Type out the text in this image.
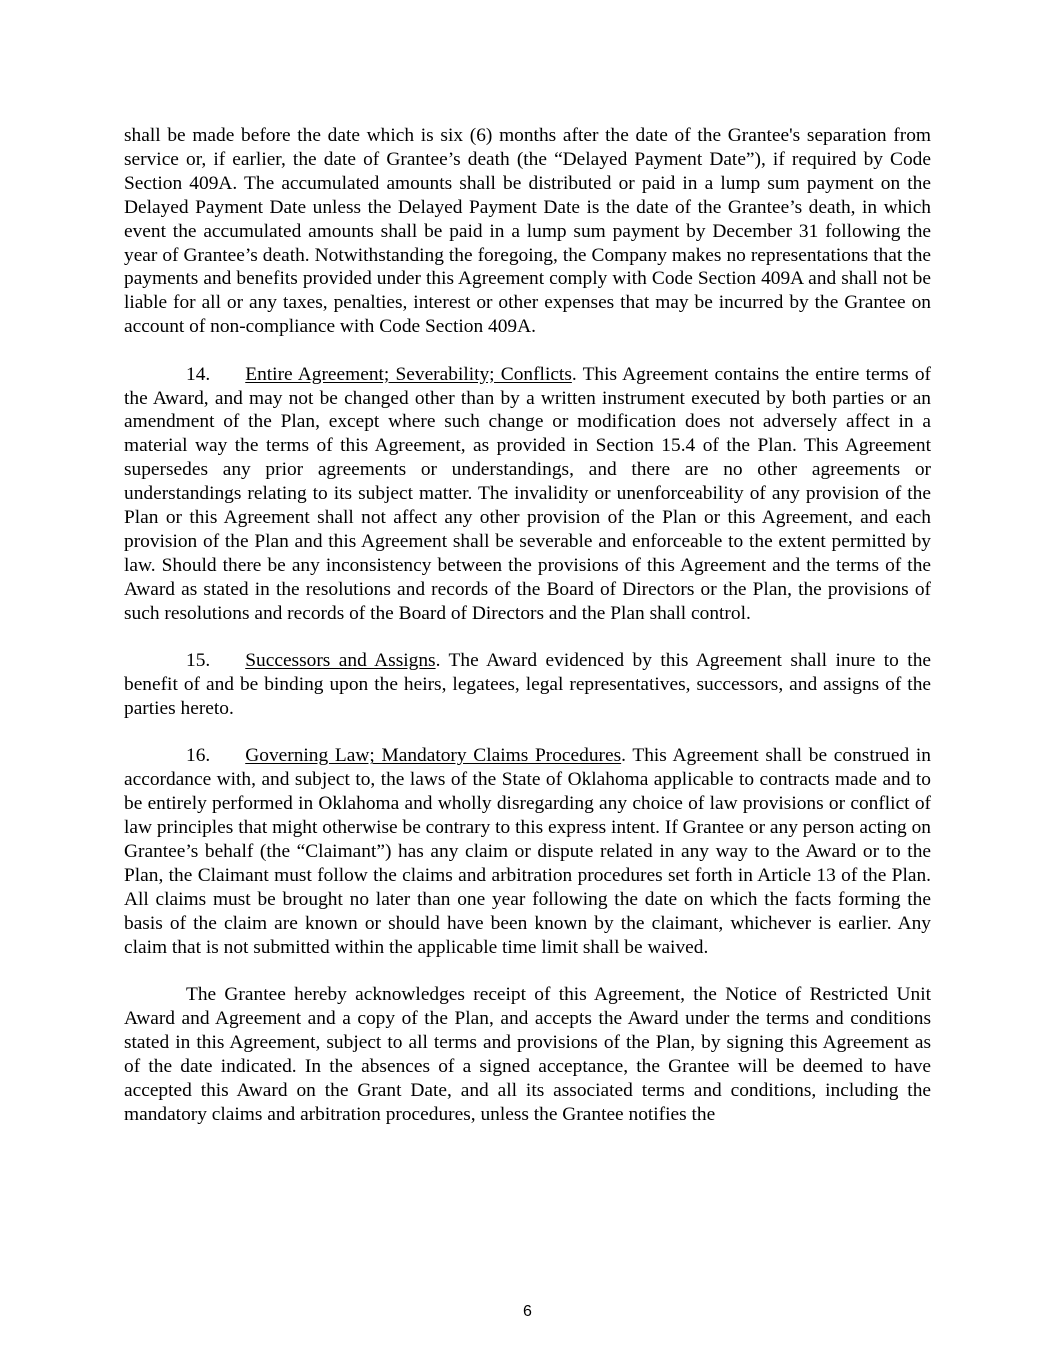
shall be made before the date which is six (6) months after the date of the Grantee's separation from service or, if earlier, the date of Grantee’s death (the “Delayed Payment Date”), if required by Code Section 409A. The accumulated amounts shall be distributed or paid in a lump sum payment on the Delayed Payment Date unless the Delayed Payment Date is the date of the Grantee’s death, in which event the accumulated amounts shall be paid in a lump sum payment by December 31 following the year of Grantee’s death. Notwithstanding the foregoing, the Company makes no representations that the payments and benefits provided under this Agreement comply with Code Section 409A and shall not be liable for all or any taxes, penalties, interest or other expenses that may be incurred by the Grantee on account of non-compliance with Code Section 409A.

14. Entire Agreement; Severability; Conflicts. This Agreement contains the entire terms of the Award, and may not be changed other than by a written instrument executed by both parties or an amendment of the Plan, except where such change or modification does not adversely affect in a material way the terms of this Agreement, as provided in Section 15.4 of the Plan. This Agreement supersedes any prior agreements or understandings, and there are no other agreements or understandings relating to its subject matter. The invalidity or unenforceability of any provision of the Plan or this Agreement shall not affect any other provision of the Plan or this Agreement, and each provision of the Plan and this Agreement shall be severable and enforceable to the extent permitted by law. Should there be any inconsistency between the provisions of this Agreement and the terms of the Award as stated in the resolutions and records of the Board of Directors or the Plan, the provisions of such resolutions and records of the Board of Directors and the Plan shall control.

15. Successors and Assigns. The Award evidenced by this Agreement shall inure to the benefit of and be binding upon the heirs, legatees, legal representatives, successors, and assigns of the parties hereto.

16. Governing Law; Mandatory Claims Procedures. This Agreement shall be construed in accordance with, and subject to, the laws of the State of Oklahoma applicable to contracts made and to be entirely performed in Oklahoma and wholly disregarding any choice of law provisions or conflict of law principles that might otherwise be contrary to this express intent. If Grantee or any person acting on Grantee’s behalf (the “Claimant”) has any claim or dispute related in any way to the Award or to the Plan, the Claimant must follow the claims and arbitration procedures set forth in Article 13 of the Plan. All claims must be brought no later than one year following the date on which the facts forming the basis of the claim are known or should have been known by the claimant, whichever is earlier. Any claim that is not submitted within the applicable time limit shall be waived.

The Grantee hereby acknowledges receipt of this Agreement, the Notice of Restricted Unit Award and Agreement and a copy of the Plan, and accepts the Award under the terms and conditions stated in this Agreement, subject to all terms and provisions of the Plan, by signing this Agreement as of the date indicated. In the absences of a signed acceptance, the Grantee will be deemed to have accepted this Award on the Grant Date, and all its associated terms and conditions, including the mandatory claims and arbitration procedures, unless the Grantee notifies the

6
